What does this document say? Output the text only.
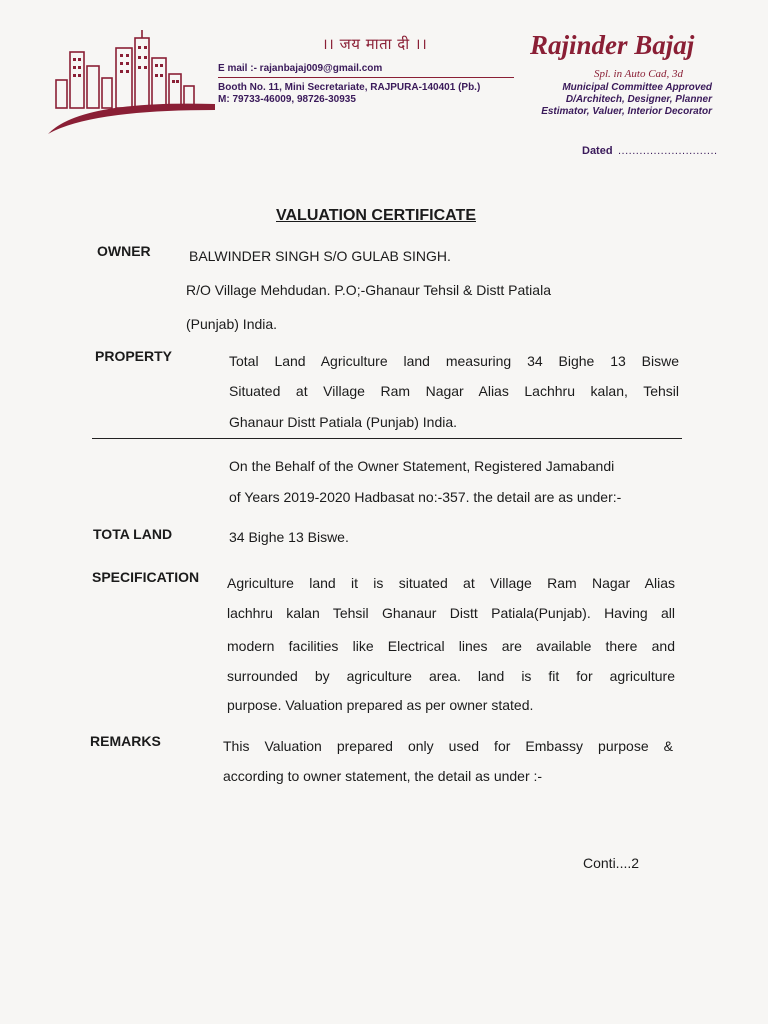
।। जय माता दी ।।	Rajinder Bajaj
Spl. in Auto Cad, 3d
E mail :- rajanbajaj009@gmail.com
Booth No. 11, Mini Secretariate, RAJPURA-140401 (Pb.)
M: 79733-46009, 98726-30935
Municipal Committee Approved
D/Architech, Designer, Planner
Estimator, Valuer, Interior Decorator
Dated ............................
VALUATION CERTIFICATE
OWNER	BALWINDER SINGH S/O GULAB SINGH.
R/O Village Mehdudan. P.O;-Ghanaur Tehsil & Distt Patiala
(Punjab) India.
PROPERTY	Total Land Agriculture land measuring 34 Bighe 13 Biswe
Situated at Village Ram Nagar Alias Lachhru kalan, Tehsil
Ghanaur Distt Patiala (Punjab) India.
On the Behalf of the Owner Statement, Registered Jamabandi
of Years 2019-2020 Hadbasat no:-357. the detail are as under:-
TOTA LAND	34 Bighe 13 Biswe.
SPECIFICATION Agriculture land it is situated at Village Ram Nagar Alias
lachhru kalan Tehsil Ghanaur Distt Patiala(Punjab). Having all
modern facilities like Electrical lines are available there and
surrounded by agriculture area. land is fit for agriculture
purpose. Valuation prepared as per owner stated.
REMARKS	This Valuation prepared only used for Embassy purpose &
according to owner statement, the detail as under :-
Conti....2
